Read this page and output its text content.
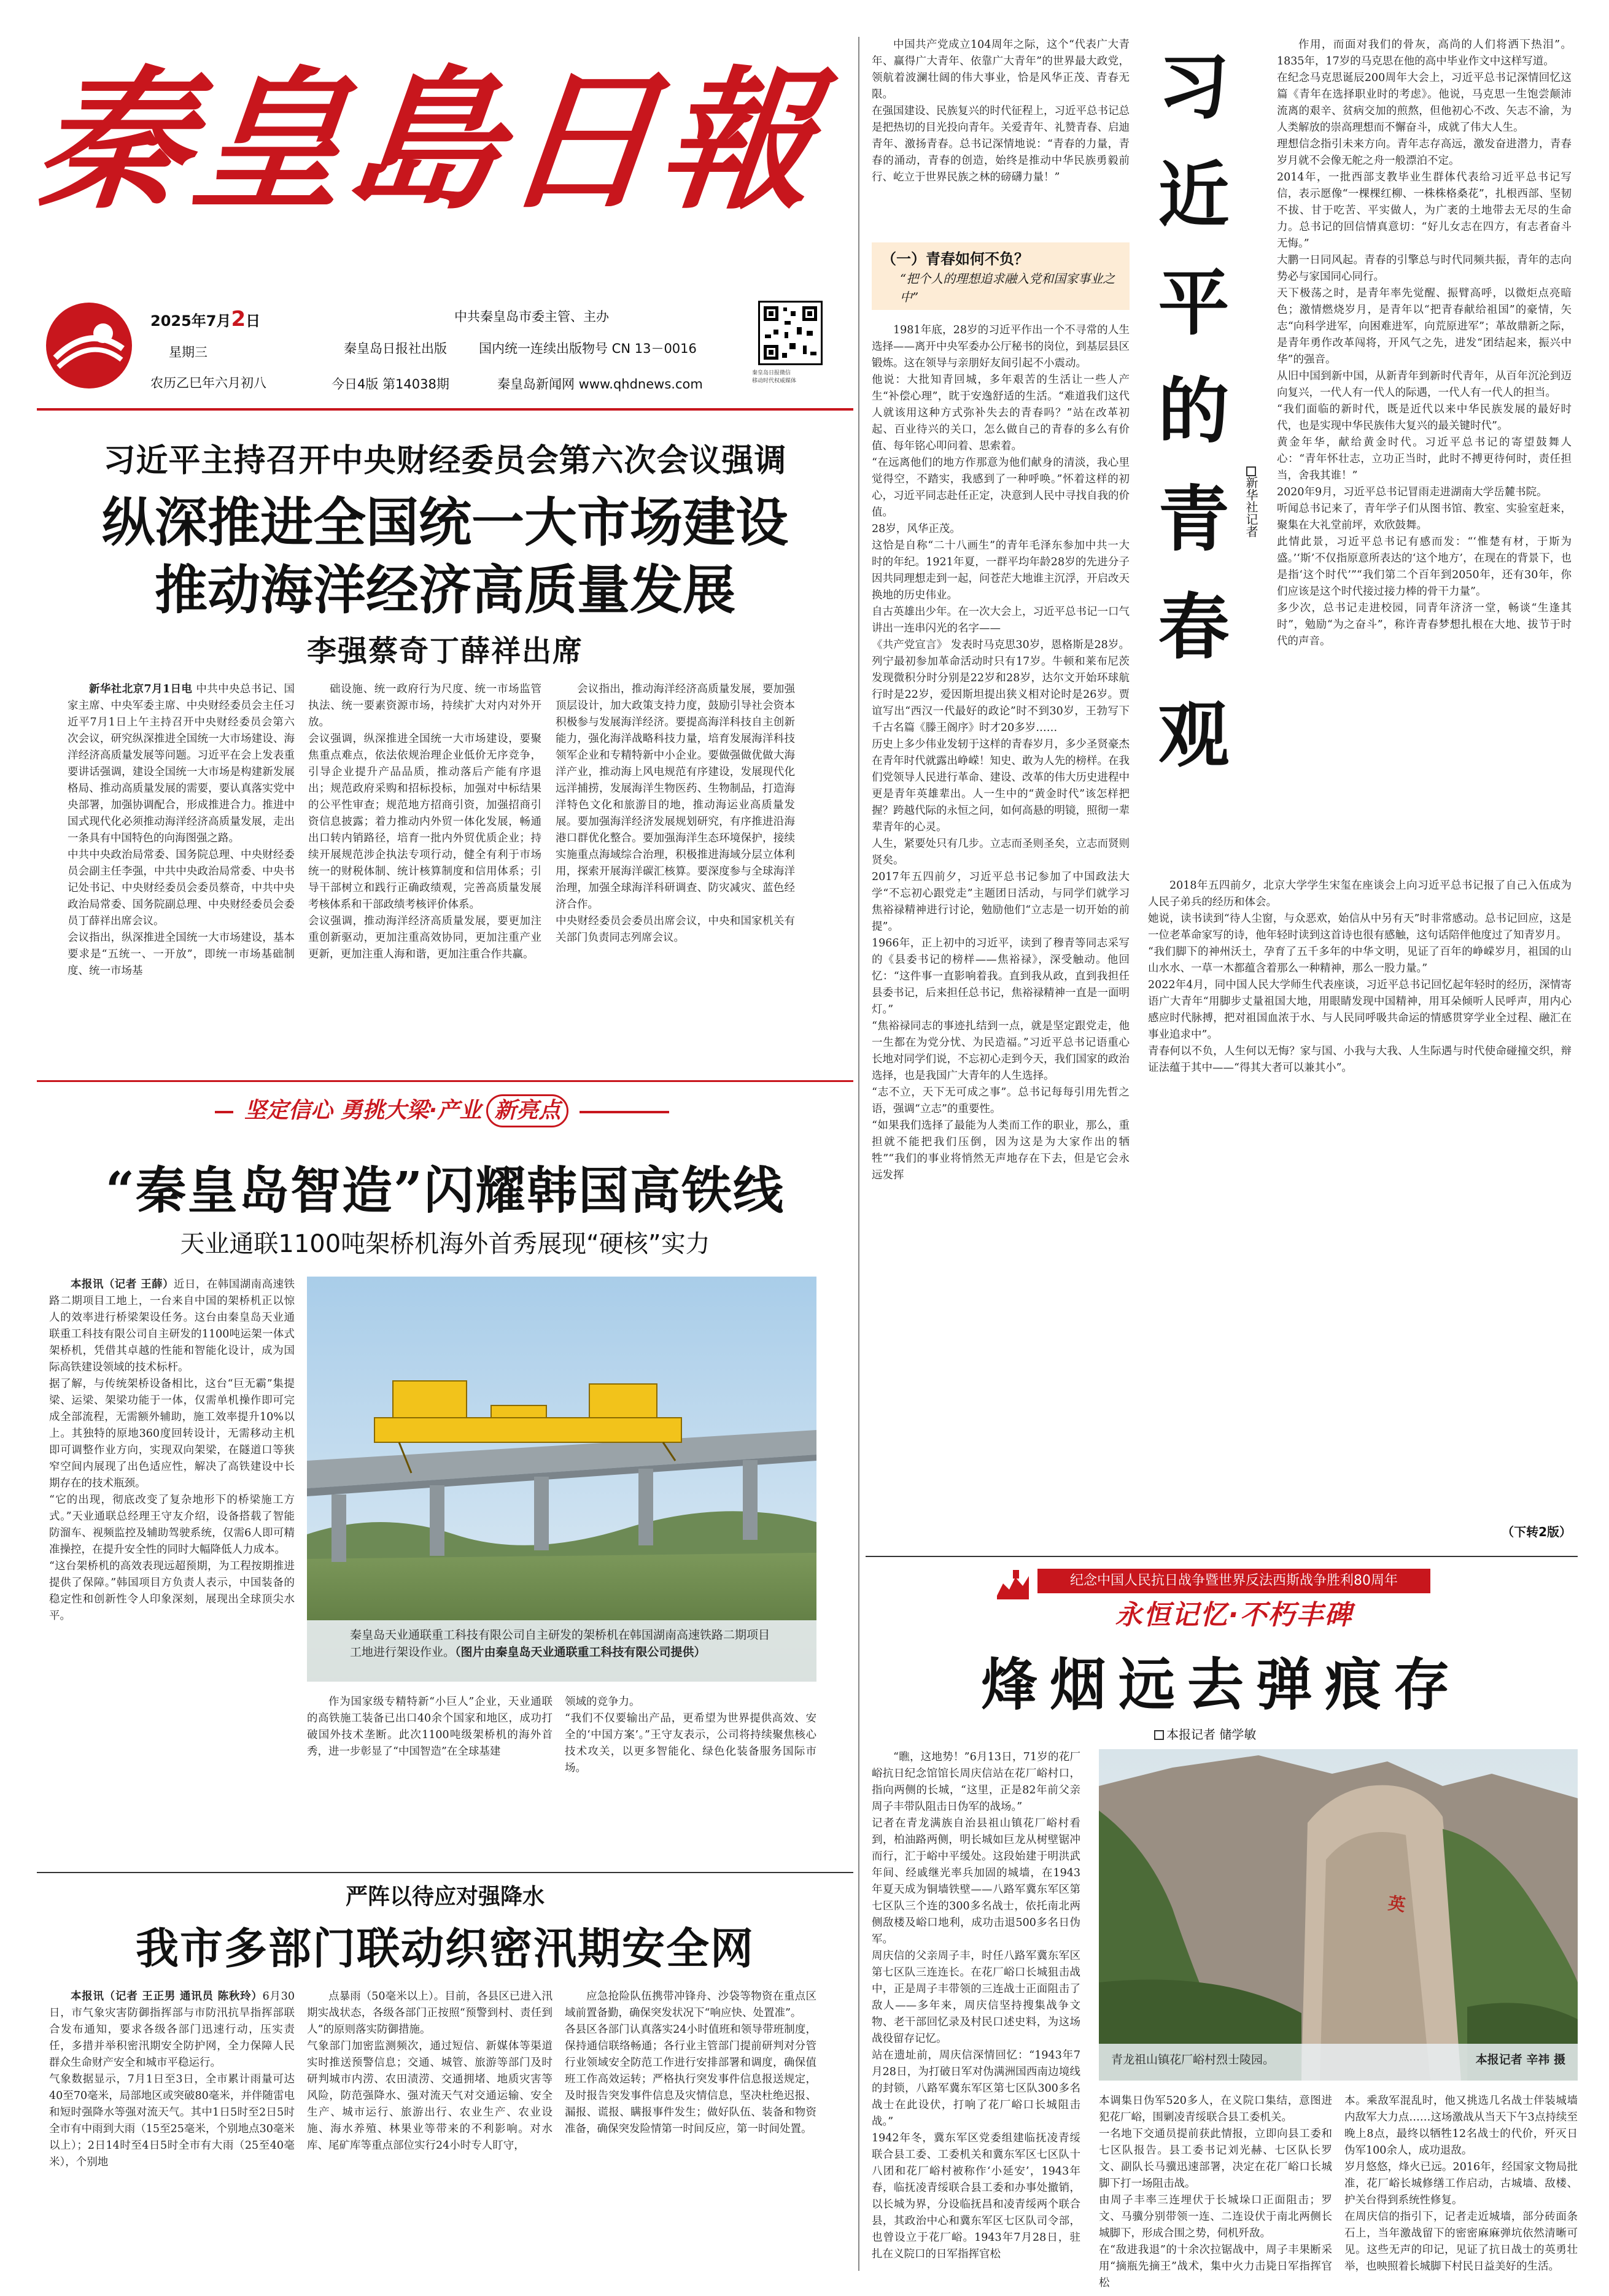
秦皇島日報
2025年7月2日
星期三
农历乙巳年六月初八
中共秦皇岛市委主管、主办
秦皇岛日报社出版 国内统一连续出版物号 CN 13－0016
今日4版 第14038期	秦皇岛新闻网 www.qhdnews.com
秦皇岛日报微信
移动时代权威媒体
习近平主持召开中央财经委员会第六次会议强调
纵深推进全国统一大市场建设
推动海洋经济高质量发展
李强蔡奇丁薛祥出席

新华社北京7月1日电 中共中央总书记、国家主席、中央军委主席、中央财经委员会主任习近平7月1日上午主持召开中央财经委员会第六次会议，研究纵深推进全国统一大市场建设、海洋经济高质量发展等问题。习近平在会上发表重要讲话强调，建设全国统一大市场是构建新发展格局、推动高质量发展的需要，要认真落实党中央部署，加强协调配合，形成推进合力。推进中国式现代化必须推动海洋经济高质量发展，走出一条具有中国特色的向海图强之路。
中共中央政治局常委、国务院总理、中央财经委员会副主任李强，中共中央政治局常委、中央书记处书记、中央财经委员会委员蔡奇，中共中央政治局常委、国务院副总理、中央财经委员会委员丁薛祥出席会议。
会议指出，纵深推进全国统一大市场建设，基本要求是“五统一、一开放”，即统一市场基础制度、统一市场基

础设施、统一政府行为尺度、统一市场监管执法、统一要素资源市场，持续扩大对内对外开放。
会议强调，纵深推进全国统一大市场建设，要聚焦重点难点，依法依规治理企业低价无序竞争，引导企业提升产品品质，推动落后产能有序退出；规范政府采购和招标投标，加强对中标结果的公平性审查；规范地方招商引资，加强招商引资信息披露；着力推动内外贸一体化发展，畅通出口转内销路径，培育一批内外贸优质企业；持续开展规范涉企执法专项行动，健全有利于市场统一的财税体制、统计核算制度和信用体系；引导干部树立和践行正确政绩观，完善高质量发展考核体系和干部政绩考核评价体系。
会议强调，推动海洋经济高质量发展，要更加注重创新驱动，更加注重高效协同，更加注重产业更新，更加注重人海和谐，更加注重合作共赢。
会议指出，推动海洋经济高质量发展，要加强顶层设计，加大政策支持力度，鼓励引导社会资本积极参与发展海洋经济。要提高海洋科技自主创新能力，强化海洋战略科技力量，培育发展海洋科技领军企业和专精特新中小企业。要做强做优做大海洋产业，推动海上风电规范有序建设，发展现代化远洋捕捞，发展海洋生物医药、生物制品，打造海洋特色文化和旅游目的地，推动海运业高质量发展。要加强海洋经济发展规划研究，有序推进沿海港口群优化整合。要加强海洋生态环境保护，接续实施重点海域综合治理，积极推进海域分层立体利用，探索开展海洋碳汇核算。要深度参与全球海洋治理，加强全球海洋科研调查、防灾减灾、蓝色经济合作。
中央财经委员会委员出席会议，中央和国家机关有关部门负责同志列席会议。
坚定信心 勇挑大梁·产业 新亮点
“秦皇岛智造”闪耀韩国高铁线
天业通联1100吨架桥机海外首秀展现“硬核”实力

本报讯（记者 王薛）近日，在韩国湖南高速铁路二期项目工地上，一台来自中国的架桥机正以惊人的效率进行桥梁架设任务。这台由秦皇岛天业通联重工科技有限公司自主研发的1100吨运架一体式架桥机，凭借其卓越的性能和智能化设计，成为国际高铁建设领域的技术标杆。
据了解，与传统架桥设备相比，这台“巨无霸”集提梁、运梁、架梁功能于一体，仅需单机操作即可完成全部流程，无需额外辅助，施工效率提升10%以上。其独特的原地360度回转设计，无需移动主机即可调整作业方向，实现双向架梁，在隧道口等狭窄空间内展现了出色适应性，解决了高铁建设中长期存在的技术瓶颈。
“它的出现，彻底改变了复杂地形下的桥梁施工方式。”天业通联总经理王守友介绍，设备搭载了智能防溜车、视频监控及辅助驾驶系统，仅需6人即可精准操控，在提升安全性的同时大幅降低人力成本。
“这台架桥机的高效表现远超预期，为工程按期推进提供了保障。”韩国项目方负责人表示，中国装备的稳定性和创新性令人印象深刻，展现出全球顶尖水平。

秦皇岛天业通联重工科技有限公司自主研发的架桥机在韩国湖南高速铁路二期项目工地进行架设作业。（图片由秦皇岛天业通联重工科技有限公司提供）
作为国家级专精特新“小巨人”企业，天业通联的高铁施工装备已出口40余个国家和地区，成功打破国外技术垄断。此次1100吨级架桥机的海外首秀，进一步彰显了“中国智造”在全球基建
领域的竞争力。
“我们不仅要输出产品，更希望为世界提供高效、安全的‘中国方案’。”王守友表示，公司将持续聚焦核心技术攻关，以更多智能化、绿色化装备服务国际市场。
严阵以待应对强降水
我市多部门联动织密汛期安全网

本报讯（记者 王正男 通讯员 陈秋玲）6月30日，市气象灾害防御指挥部与市防汛抗旱指挥部联合发布通知，要求各级各部门迅速行动，压实责任，多措并举积密汛期安全防护网，全力保障人民群众生命财产安全和城市平稳运行。
气象数据显示，7月1日至3日，全市累计雨量可达40至70毫米，局部地区或突破80毫米，并伴随雷电和短时强降水等强对流天气。其中1日5时至2日5时全市有中雨到大雨（15至25毫米，个别地点30毫米以上）；2日14时至4日5时全市有大雨（25至40毫米），个别地

点暴雨（50毫米以上）。目前，各县区已进入汛期实战状态，各级各部门正按照“预警到村、责任到人”的原则落实防御措施。
气象部门加密监测频次，通过短信、新媒体等渠道实时推送预警信息；交通、城管、旅游等部门及时研判城市内涝、农田渍涝、交通拥堵、地质灾害等风险，防范强降水、强对流天气对交通运输、安全生产、城市运行、旅游出行、农业生产、农业设施、海水养殖、林果业等带来的不利影响。对水库、尾矿库等重点部位实行24小时专人盯守，
应急抢险队伍携带冲锋舟、沙袋等物资在重点区域前置备勤，确保突发状况下“响应快、处置准”。
各县区各部门认真落实24小时值班和领导带班制度，保持通信联络畅通；各行业主管部门提前研判对分管行业领域安全防范工作进行安排部署和调度，确保值班工作高效运转；严格执行突发事件信息报送规定，及时报告突发事件信息及灾情信息，坚决杜绝迟报、漏报、谎报、瞒报事件发生；做好队伍、装备和物资准备，确保突发险情第一时间反应，第一时间处置。
习近平的青春观 新华社记者
中国共产党成立104周年之际，这个“代表广大青年、赢得广大青年、依靠广大青年”的世界最大政党，领航着波澜壮阔的伟大事业，恰是风华正茂、青春无限。
在强国建设、民族复兴的时代征程上，习近平总书记总是把热切的目光投向青年。关爱青年、礼赞青春、启迪青年、激扬青春。总书记深情地说：“青春的力量，青春的涌动，青春的创造，始终是推动中华民族勇毅前行、屹立于世界民族之林的磅礴力量！”
（一）青春如何不负？
“把个人的理想追求融入党和国家事业之中”
1981年底，28岁的习近平作出一个不寻常的人生选择——离开中央军委办公厅秘书的岗位，到基层县区锻炼。这在领导与亲朋好友间引起不小震动。
他说：大批知青回城，多年艰苦的生活让一些人产生“补偿心理”，眈于安逸舒适的生活。“难道我们这代人就该用这种方式弥补失去的青春吗？”站在改革初起、百业待兴的关口，怎么做自己的青春的多么有价值、每年铭心叩问着、思索着。
“在远离他们的地方作那意为他们献身的清淡，我心里觉得空，不踏实，我感到了一种呼唤。”怀着这样的初心，习近平同志赴任正定，决意到人民中寻找自我的价值。
28岁，风华正茂。
这恰是自称“二十八画生”的青年毛泽东参加中共一大时的年纪。1921年夏，一群平均年龄28岁的先进分子因共同理想走到一起，问苍茫大地谁主沉浮，开启改天换地的历史伟业。
自古英雄出少年。在一次大会上，习近平总书记一口气讲出一连串闪光的名字——
《共产党宣言》 发表时马克思30岁，恩格斯是28岁。列宁最初参加革命活动时只有17岁。牛顿和莱布尼茨发现微积分时分别是22岁和28岁，达尔文开始环球航行时是22岁，爱因斯坦提出狭义相对论时是26岁。贾谊写出“西汉一代最好的政论”时不到30岁，王勃写下千古名篇《滕王阁序》时才20多岁……
历史上多少伟业发轫于这样的青春岁月，多少圣贤豪杰在青年时代就露出峥嵘！知史、敢为人先的榜样。在我们党领导人民进行革命、建设、改革的伟大历史进程中更是青年英雄辈出。人一生中的“黄金时代”该怎样把握？跨越代际的永恒之问，如何高悬的明镜，照彻一辈辈青年的心灵。
人生，紧要处只有几步。立志而圣则圣矣，立志而贤则贤矣。
2017年五四前夕，习近平总书记参加了中国政法大学“不忘初心跟党走”主题团日活动，与同学们就学习焦裕禄精神进行讨论，勉励他们“立志是一切开始的前提”。
1966年，正上初中的习近平，读到了穆青等同志采写的《县委书记的榜样——焦裕禄》，深受触动。他回忆：“这件事一直影响着我。直到我从政，直到我担任县委书记，后来担任总书记，焦裕禄精神一直是一面明灯。”
“焦裕禄同志的事迹扎结到一点，就是坚定跟党走，他一生都在为党分忧、为民造福。”习近平总书记语重心长地对同学们说，不忘初心走到今天，我们国家的政治选择，也是我国广大青年的人生选择。
“志不立，天下无可成之事”。总书记每每引用先哲之语，强调“立志”的重要性。
“如果我们选择了最能为人类而工作的职业，那么，重担就不能把我们压倒，因为这是为大家作出的牺牲”“我们的事业将悄然无声地存在下去，但是它会永远发挥
作用，而面对我们的骨灰，高尚的人们将洒下热泪”。1835年，17岁的马克思在他的高中毕业作文中这样写道。
在纪念马克思诞辰200周年大会上，习近平总书记深情回忆这篇《青年在选择职业时的考虑》。他说，马克思一生饱尝颠沛流离的艰辛、贫病交加的煎熬，但他初心不改、矢志不渝，为人类解放的崇高理想而不懈奋斗，成就了伟大人生。
理想信念指引未来方向。青年志存高远，激发奋进潜力，青春岁月就不会像无舵之舟一般漂泊不定。
2014年，一批西部支教毕业生群体代表给习近平总书记写信，表示愿像“一棵棵红柳、一株株格桑花”，扎根西部、坚韧不拔、甘于吃苦、平实做人，为广袤的土地带去无尽的生命力。总书记的回信情真意切：“好儿女志在四方，有志者奋斗无悔。”
大鹏一日同风起。青春的引擎总与时代同频共振，青年的志向势必与家国同心同行。
天下极荡之时，是青年率先觉醒、振臂高呼，以微炬点亮暗色；激情燃烧岁月，是青年以“把青春献给祖国”的豪情，矢志“向科学进军，向困难进军，向荒原进军”；革故鼎新之际，是青年勇作改革闯将，开风气之先，进发“团结起来，振兴中华”的强音。
从旧中国到新中国，从新青年到新时代青年，从百年沉沦到迈向复兴，一代人有一代人的际遇，一代人有一代人的担当。
“我们面临的新时代，既是近代以来中华民族发展的最好时代，也是实现中华民族伟大复兴的最关键时代”。
黄金年华，献给黄金时代。习近平总书记的寄望鼓舞人心：“青年怀壮志，立功正当时，此时不搏更待何时，责任担当，舍我其谁！”
2020年9月，习近平总书记冒雨走进湖南大学岳麓书院。
听闻总书记来了，青年学子们从图书馆、教室、实验室赶来，聚集在大礼堂前坪，欢欣鼓舞。
此情此景，习近平总书记有感而发：“‘惟楚有材，于斯为盛。’‘斯’不仅指原意所表达的‘这个地方’，在现在的背景下，也是指‘这个时代’”“我们第二个百年到2050年，还有30年，你们应该是这个时代接过接力棒的骨干力量”。
多少次，总书记走进校园，同青年济济一堂，畅谈“生逢其时”，勉励“为之奋斗”，称许青春梦想扎根在大地、拔节于时代的声音。
2018年五四前夕，北京大学学生宋玺在座谈会上向习近平总书记报了自己入伍成为人民子弟兵的经历和体会。
她说，读书读到“待人尘窗，与众恶欢，始信从中另有天”时非常感动。总书记回应，这是一位老革命家写的诗，他年轻时读到这首诗也很有感触，这句话陪伴他度过了知青岁月。
“我们脚下的神州沃土，孕育了五千多年的中华文明，见证了百年的峥嵘岁月，祖国的山山水水、一草一木都蕴含着那么一种精神，那么一股力量。”
2022年4月，同中国人民大学师生代表座谈，习近平总书记回忆起年轻时的经历，深情寄语广大青年“用脚步丈量祖国大地，用眼睛发现中国精神，用耳朵倾听人民呼声，用内心感应时代脉搏，把对祖国血浓于水、与人民同呼吸共命运的情感贯穿学业全过程、融汇在事业追求中”。
青春何以不负，人生何以无悔？家与国、小我与大我、人生际遇与时代使命碰撞交织，辩证法蕴于其中——“得其大者可以兼其小”。
（下转2版）
纪念中国人民抗日战争暨世界反法西斯战争胜利80周年
永恒记忆·不朽丰碑
烽烟远去弹痕存
本报记者 储学敏
“瞧，这地势！”6月13日，71岁的花厂峪抗日纪念馆馆长周庆信站在花厂峪村口，指向两侧的长城，“这里，正是82年前父亲周子丰带队阻击日伪军的战场。”
记者在青龙满族自治县祖山镇花厂峪村看到，柏油路两侧，明长城如巨龙从树壁锯冲而行，汇于峪中平缓处。这段始建于明洪武年间、经戚继光率兵加固的城墙，在1943年夏天成为铜墙铁壁——八路军冀东军区第七区队三个连的300多名战士，依托南北两侧敌楼及峪口地利，成功击退500多名日伪军。
周庆信的父亲周子丰，时任八路军冀东军区第七区队三连连长。在花厂峪口长城狙击战中，正是周子丰带领的三连战士正面阻击了敌人——多年来，周庆信坚持搜集战争文物、老干部回忆录及村民口述史料，为这场战役留存记忆。
站在遗址前，周庆信深情回忆：“1943年7月28日，为打破日军对伪满洲国西南边境线的封锁，八路军冀东军区第七区队300多名战士在此设伏，打响了花厂峪口长城阻击战。”
1942年冬，冀东军区党委组建临抚凌青绥联合县工委、工委机关和冀东军区七区队十八团和花厂峪村被称作‘小延安’，1943年春，临抚凌青绥联合县工委和办事处撤销，以长城为界，分设临抚昌和凌青绥两个联合县，其政治中心和冀东军区七区队司令部，也曾设立于花厂峪。1943年7月28日，驻扎在义院口的日军指挥官松
英
青龙祖山镇花厂峪村烈士陵园。	本报记者 辛祎 摄
本调集日伪军520多人，在义院口集结，意图进犯花厂峪，围剿凌青绥联合县工委机关。
一名地下交通员提前获此情报，立即向县工委和七区队报告。县工委书记刘光赫、七区队长罗文、副队长马骥迅速部署，决定在花厂峪口长城脚下打一场阻击战。
由周子丰率三连埋伏于长城垛口正面阻击；罗文、马骥分别带领一连、二连设伏于南北两侧长城脚下，形成合围之势，伺机歼敌。
在“敌进我退”的十余次拉锯战中，周子丰果断采用“摘瓶先摘王”战术，集中火力击毙日军指挥官松
本。乘敌军混乱时，他又挑选几名战士伴装城墙内敌军大力点……这场激战从当天下午3点持续至晚上8点，最终以牺牲12名战士的代价，歼灭日伪军100余人，成功退敌。
岁月悠悠，烽火已远。2016年，经国家文物局批准，花厂峪长城修缮工作启动，古城墙、敌楼、护关台得到系统性修复。
在周庆信的指引下，记者走近城墙，部分砖面条石上，当年激战留下的密密麻麻弹坑依然清晰可见。这些无声的印记，见证了抗日战士的英勇壮举，也映照着长城脚下村民日益美好的生活。
